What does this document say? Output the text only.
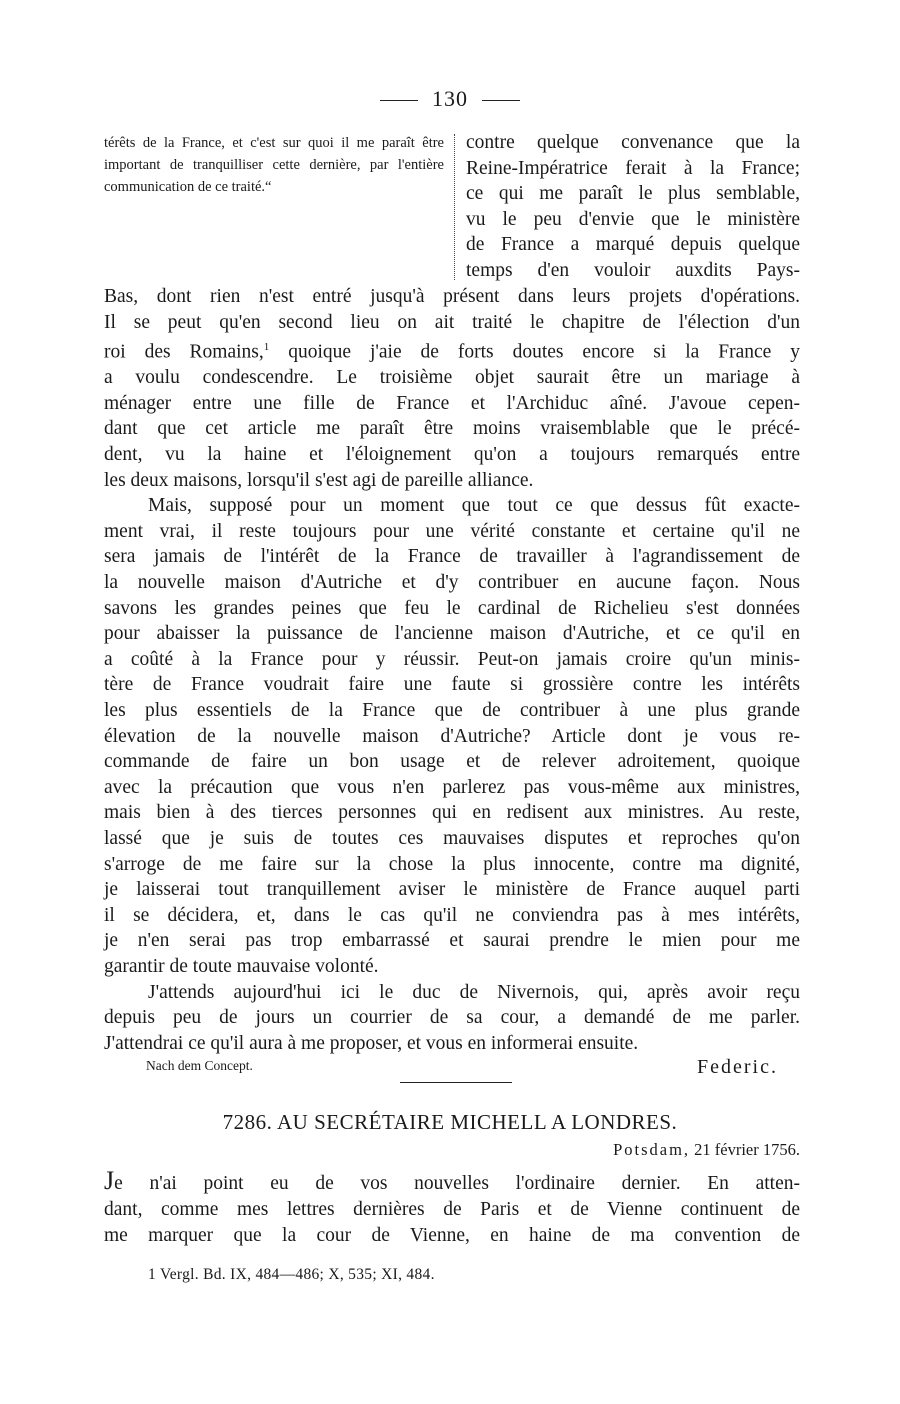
130
térêts de la France, et c'est sur quoi il me paraît être important de tranquilliser cette dernière, par l'entière communication de ce traité.“
contre quelque convenance que la
Reine-Impératrice ferait à la France;
ce qui me paraît le plus semblable,
vu le peu d'envie que le ministère
de France a marqué depuis quelque
temps d'en vouloir auxdits Pays-

Bas, dont rien n'est entré jusqu'à présent dans leurs projets d'opérations.
Il se peut qu'en second lieu on ait traité le chapitre de l'élection d'un
roi des Romains,$^1$ quoique j'aie de forts doutes encore si la France y
a voulu condescendre. Le troisième objet saurait être un mariage à
ménager entre une fille de France et l'Archiduc aîné. J'avoue cepen-
dant que cet article me paraît être moins vraisemblable que le précé-
dent, vu la haine et l'éloignement qu'on a toujours remarqués entre
les deux maisons, lorsqu'il s'est agi de pareille alliance.

Mais, supposé pour un moment que tout ce que dessus fût exacte-
ment vrai, il reste toujours pour une vérité constante et certaine qu'il ne
sera jamais de l'intérêt de la France de travailler à l'agrandissement de
la nouvelle maison d'Autriche et d'y contribuer en aucune façon. Nous
savons les grandes peines que feu le cardinal de Richelieu s'est données
pour abaisser la puissance de l'ancienne maison d'Autriche, et ce qu'il en
a coûté à la France pour y réussir. Peut-on jamais croire qu'un minis-
tère de France voudrait faire une faute si grossière contre les intérêts
les plus essentiels de la France que de contribuer à une plus grande
élevation de la nouvelle maison d'Autriche? Article dont je vous re-
commande de faire un bon usage et de relever adroitement, quoique
avec la précaution que vous n'en parlerez pas vous-même aux ministres,
mais bien à des tierces personnes qui en redisent aux ministres. Au reste,
lassé que je suis de toutes ces mauvaises disputes et reproches qu'on
s'arroge de me faire sur la chose la plus innocente, contre ma dignité,
je laisserai tout tranquillement aviser le ministère de France auquel parti
il se décidera, et, dans le cas qu'il ne conviendra pas à mes intérêts,
je n'en serai pas trop embarrassé et saurai prendre le mien pour me
garantir de toute mauvaise volonté.

J'attends aujourd'hui ici le duc de Nivernois, qui, après avoir reçu
depuis peu de jours un courrier de sa cour, a demandé de me parler.
J'attendrai ce qu'il aura à me proposer, et vous en informerai ensuite.

Nach dem Concept.	Federic.
7286. AU SECRÉTAIRE MICHELL A LONDRES.
Potsdam, 21 février 1756.
Je n'ai point eu de vos nouvelles l'ordinaire dernier. En atten-
dant, comme mes lettres dernières de Paris et de Vienne continuent de
me marquer que la cour de Vienne, en haine de ma convention de
1 Vergl. Bd. IX, 484—486; X, 535; XI, 484.
